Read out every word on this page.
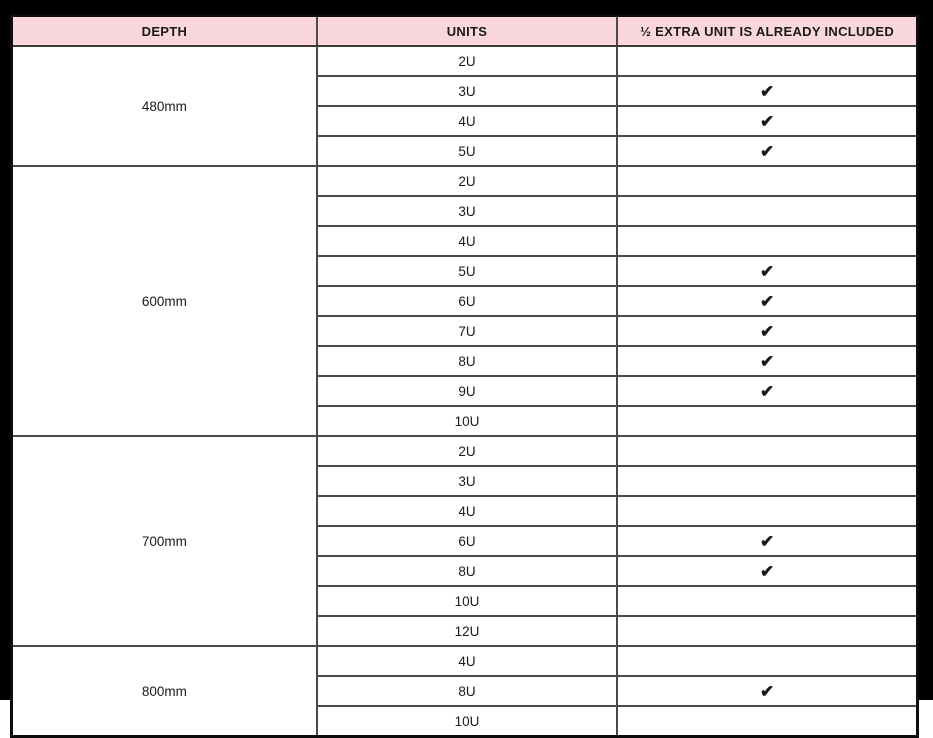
DEPTH	UNITS	½ EXTRA UNIT IS ALREADY INCLUDED
480mm	2U	
	3U	✔
	4U	✔
	5U	✔
600mm	2U	
	3U	
	4U	
	5U	✔
	6U	✔
	7U	✔
	8U	✔
	9U	✔
	10U	
700mm	2U	
	3U	
	4U	
	6U	✔
	8U	✔
	10U	
	12U	
800mm	4U	
	8U	✔
	10U	
